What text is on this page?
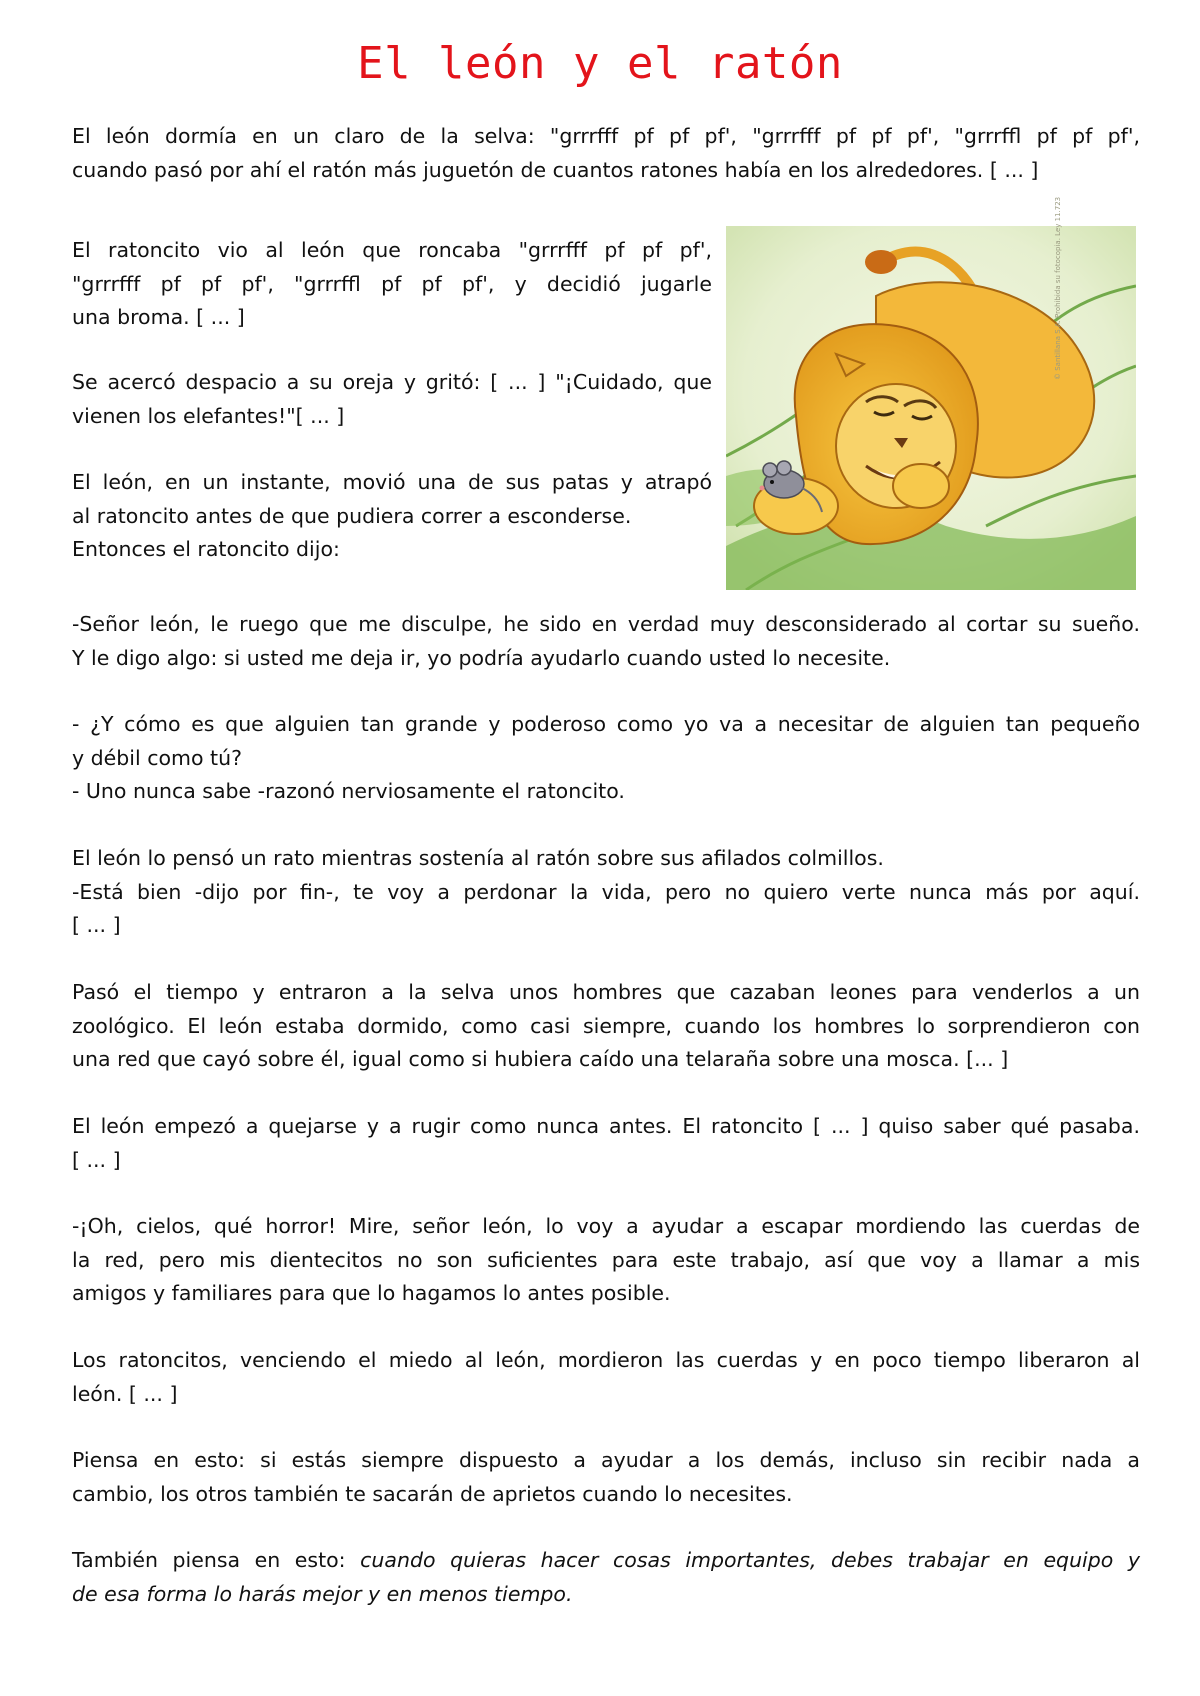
El león y el ratón

El león dormía en un claro de la selva: "grrrfff pf pf pf', "grrrfff pf pf pf', "grrrffl pf pf pf',
cuando pasó por ahí el ratón más juguetón de cuantos ratones había en los alrededores. [ ... ]

El ratoncito vio al león que roncaba "grrrfff pf pf pf',
"grrrfff pf pf pf', "grrrffl pf pf pf', y decidió jugarle
una broma. [ ... ]

Se acercó despacio a su oreja y gritó: [ ... ] "¡Cuidado, que
vienen los elefantes!"[ ... ]

El león, en un instante, movió una de sus patas y atrapó
al ratoncito antes de que pudiera correr a esconderse.
Entonces el ratoncito dijo:

© Santillana S.A. Prohibida su fotocopia. Ley 11.723

-Señor león, le ruego que me disculpe, he sido en verdad muy desconsiderado al cortar su sueño.
Y le digo algo: si usted me deja ir, yo podría ayudarlo cuando usted lo necesite.

- ¿Y cómo es que alguien tan grande y poderoso como yo va a necesitar de alguien tan pequeño
y débil como tú?
- Uno nunca sabe -razonó nerviosamente el ratoncito.

El león lo pensó un rato mientras sostenía al ratón sobre sus afilados colmillos.
-Está bien -dijo por fin-, te voy a perdonar la vida, pero no quiero verte nunca más por aquí.
[ ... ]

Pasó el tiempo y entraron a la selva unos hombres que cazaban leones para venderlos a un
zoológico. El león estaba dormido, como casi siempre, cuando los hombres lo sorprendieron con
una red que cayó sobre él, igual como si hubiera caído una telaraña sobre una mosca. [... ]

El león empezó a quejarse y a rugir como nunca antes. El ratoncito [ ... ] quiso saber qué pasaba.
[ ... ]

-¡Oh, cielos, qué horror! Mire, señor león, lo voy a ayudar a escapar mordiendo las cuerdas de
la red, pero mis dientecitos no son suficientes para este trabajo, así que voy a llamar a mis
amigos y familiares para que lo hagamos lo antes posible.

Los ratoncitos, venciendo el miedo al león, mordieron las cuerdas y en poco tiempo liberaron al
león. [ ... ]

Piensa en esto: si estás siempre dispuesto a ayudar a los demás, incluso sin recibir nada a
cambio, los otros también te sacarán de aprietos cuando lo necesites.

También piensa en esto: cuando quieras hacer cosas importantes, debes trabajar en equipo y
de esa forma lo harás mejor y en menos tiempo.
